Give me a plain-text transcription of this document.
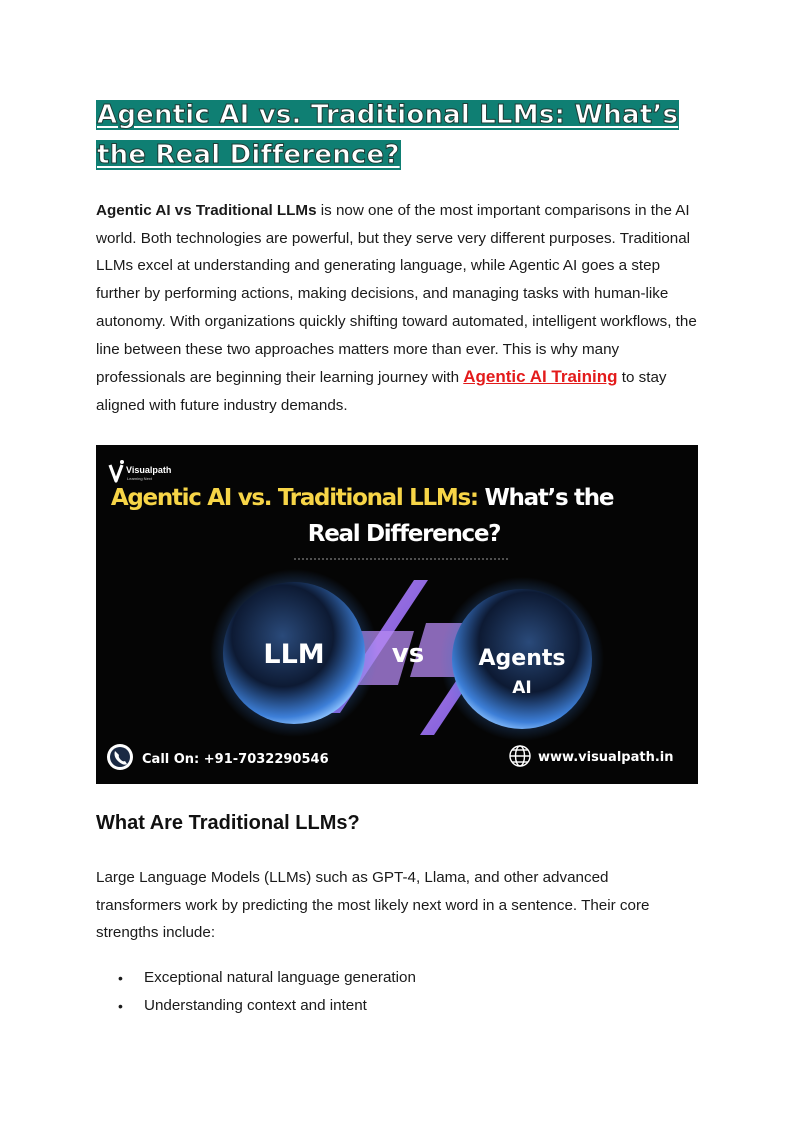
Agentic AI vs. Traditional LLMs: What’s the Real Difference?

Agentic AI vs Traditional LLMs is now one of the most important comparisons in the AI world. Both technologies are powerful, but they serve very different purposes. Traditional LLMs excel at understanding and generating language, while Agentic AI goes a step further by performing actions, making decisions, and managing tasks with human-like autonomy. With organizations quickly shifting toward automated, intelligent workflows, the line between these two approaches matters more than ever. This is why many professionals are beginning their learning journey with Agentic AI Training to stay aligned with future industry demands.

Visualpath
Learning Next
Agentic AI vs. Traditional LLMs: What’s the
Real Difference?
LLM	vs Agents
AI
Call On: +91-7032290546	www.visualpath.in
What Are Traditional LLMs?

Large Language Models (LLMs) such as GPT-4, Llama, and other advanced transformers work by predicting the most likely next word in a sentence. Their core strengths include:

• Exceptional natural language generation
• Understanding context and intent
